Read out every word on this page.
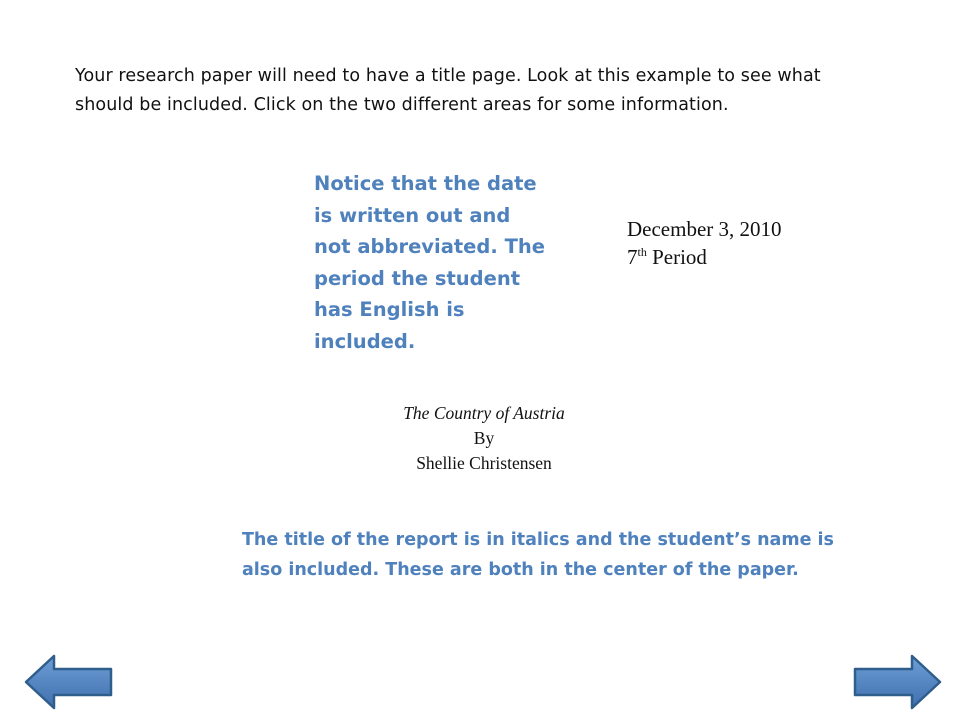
Your research paper will need to have a title page. Look at this example to see what
should be included. Click on the two different areas for some information.
Notice that the date
is written out and
not abbreviated. The
period the student
has English is
included.
December 3, 2010
7th Period
The Country of Austria
By
Shellie Christensen
The title of the report is in italics and the student’s name is
also included. These are both in the center of the paper.
